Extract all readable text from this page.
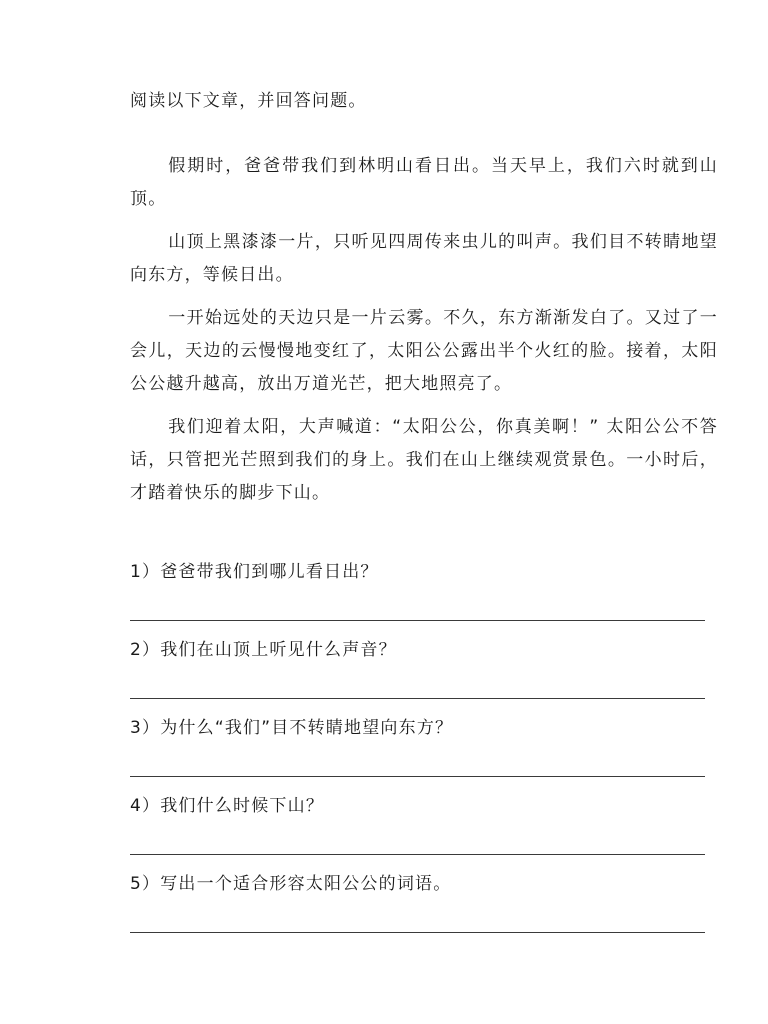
阅读以下文章，并回答问题。

假期时，爸爸带我们到林明山看日出。当天早上，我们六时就到山顶。

山顶上黑漆漆一片，只听见四周传来虫儿的叫声。我们目不转睛地望向东方，等候日出。

一开始远处的天边只是一片云雾。不久，东方渐渐发白了。又过了一会儿，天边的云慢慢地变红了，太阳公公露出半个火红的脸。接着，太阳公公越升越高，放出万道光芒，把大地照亮了。

我们迎着太阳，大声喊道：“太阳公公，你真美啊！” 太阳公公不答话，只管把光芒照到我们的身上。我们在山上继续观赏景色。一小时后，才踏着快乐的脚步下山。

1）爸爸带我们到哪儿看日出？

2）我们在山顶上听见什么声音？

3）为什么“我们”目不转睛地望向东方？

4）我们什么时候下山？

5）写出一个适合形容太阳公公的词语。
